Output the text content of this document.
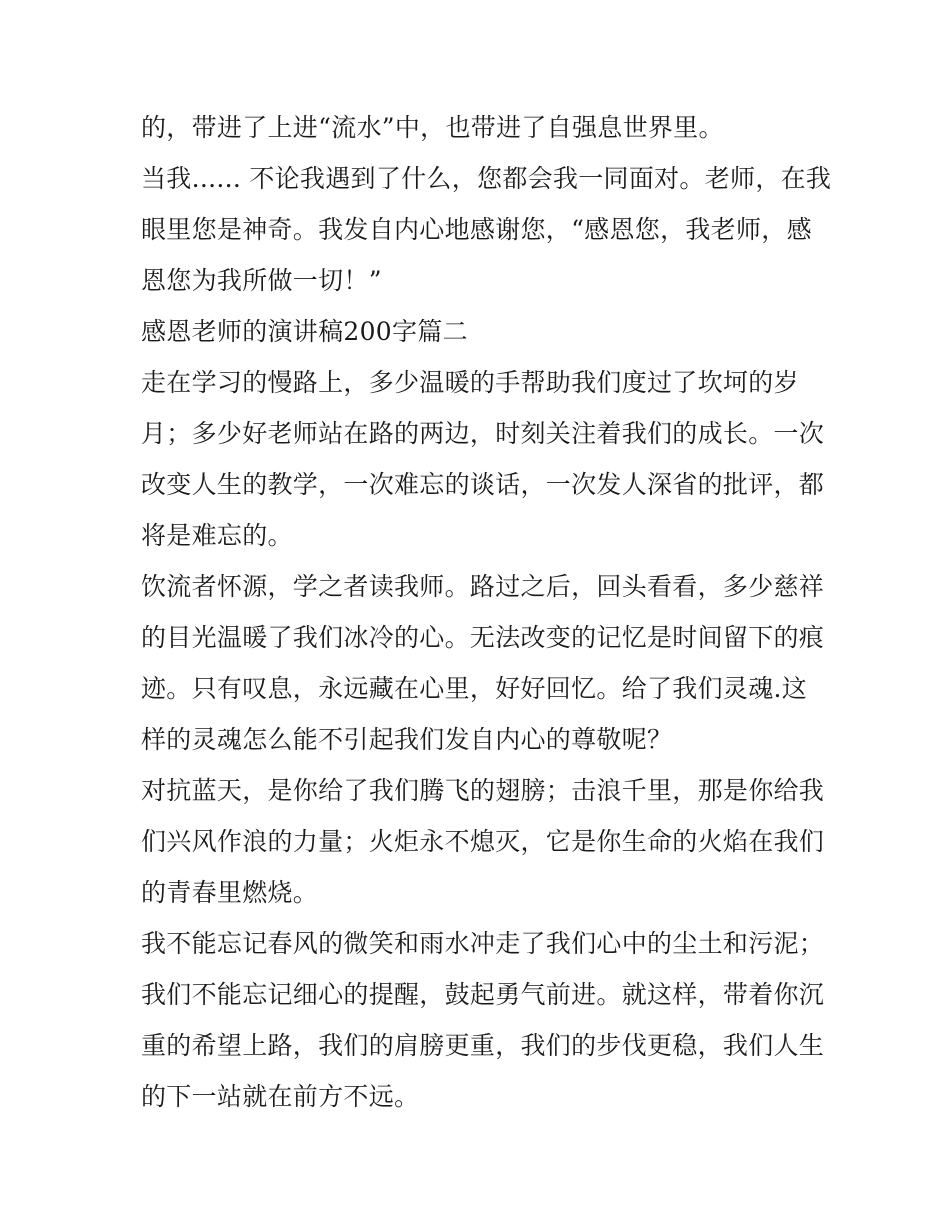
的，带进了上进“流水”中，也带进了自强息世界里。
当我...... 不论我遇到了什么，您都会我一同面对。老师，在我
眼里您是神奇。我发自内心地感谢您，“感恩您，我老师，感
恩您为我所做一切！”
感恩老师的演讲稿200字篇二
走在学习的慢路上，多少温暖的手帮助我们度过了坎坷的岁
月；多少好老师站在路的两边，时刻关注着我们的成长。一次
改变人生的教学，一次难忘的谈话，一次发人深省的批评，都
将是难忘的。
饮流者怀源，学之者读我师。路过之后，回头看看，多少慈祥
的目光温暖了我们冰冷的心。无法改变的记忆是时间留下的痕
迹。只有叹息，永远藏在心里，好好回忆。给了我们灵魂.这
样的灵魂怎么能不引起我们发自内心的尊敬呢？
对抗蓝天，是你给了我们腾飞的翅膀；击浪千里，那是你给我
们兴风作浪的力量；火炬永不熄灭，它是你生命的火焰在我们
的青春里燃烧。
我不能忘记春风的微笑和雨水冲走了我们心中的尘土和污泥；
我们不能忘记细心的提醒，鼓起勇气前进。就这样，带着你沉
重的希望上路，我们的肩膀更重，我们的步伐更稳，我们人生
的下一站就在前方不远。
